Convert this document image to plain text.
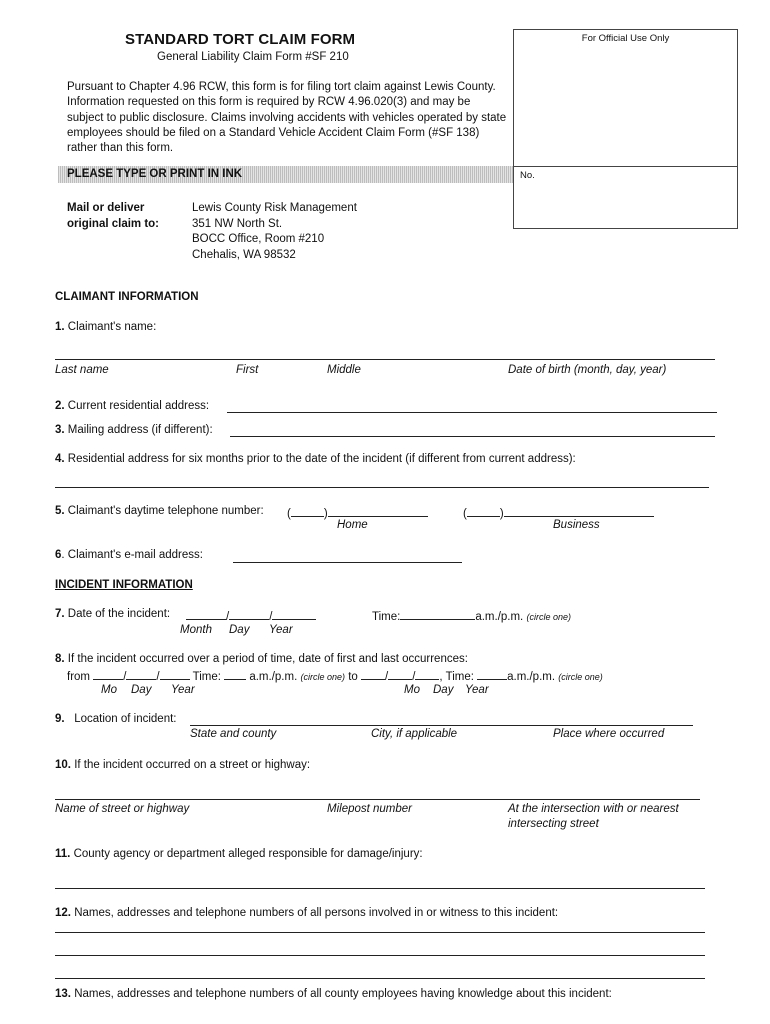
STANDARD TORT CLAIM FORM
General Liability Claim Form #SF 210
Pursuant to Chapter 4.96 RCW, this form is for filing tort claim against Lewis County. Information requested on this form is required by RCW 4.96.020(3) and may be subject to public disclosure. Claims involving accidents with vehicles operated by state employees should be filed on a Standard Vehicle Accident Claim Form (#SF 138) rather than this form.
For Official Use Only
No.
PLEASE TYPE OR PRINT IN INK
Mail or deliver original claim to:
Lewis County Risk Management
351 NW North St.
BOCC Office, Room #210
Chehalis, WA 98532
CLAIMANT INFORMATION
1. Claimant's name:
Last name	First	Middle	Date of birth (month, day, year)
2. Current residential address:
3. Mailing address (if different):
4. Residential address for six months prior to the date of the incident (if different from current address):
5. Claimant's daytime telephone number: (	)	(	)
Home	Business
6. Claimant's e-mail address:
INCIDENT INFORMATION
7. Date of the incident:	/	/	Time:	a.m./p.m. (circle one)
Month Day Year
8. If the incident occurred over a period of time, date of first and last occurrences:
from	/	/	Time: a.m./p.m. (circle one) to / / , Time:	a.m./p.m. (circle one)
Mo Day Year	Mo Day Year
9. Location of incident:
State and county	City, if applicable	Place where occurred
10. If the incident occurred on a street or highway:
Name of street or highway	Milepost number	At the intersection with or nearest
intersecting street
11. County agency or department alleged responsible for damage/injury:
12. Names, addresses and telephone numbers of all persons involved in or witness to this incident:
13. Names, addresses and telephone numbers of all county employees having knowledge about this incident:
